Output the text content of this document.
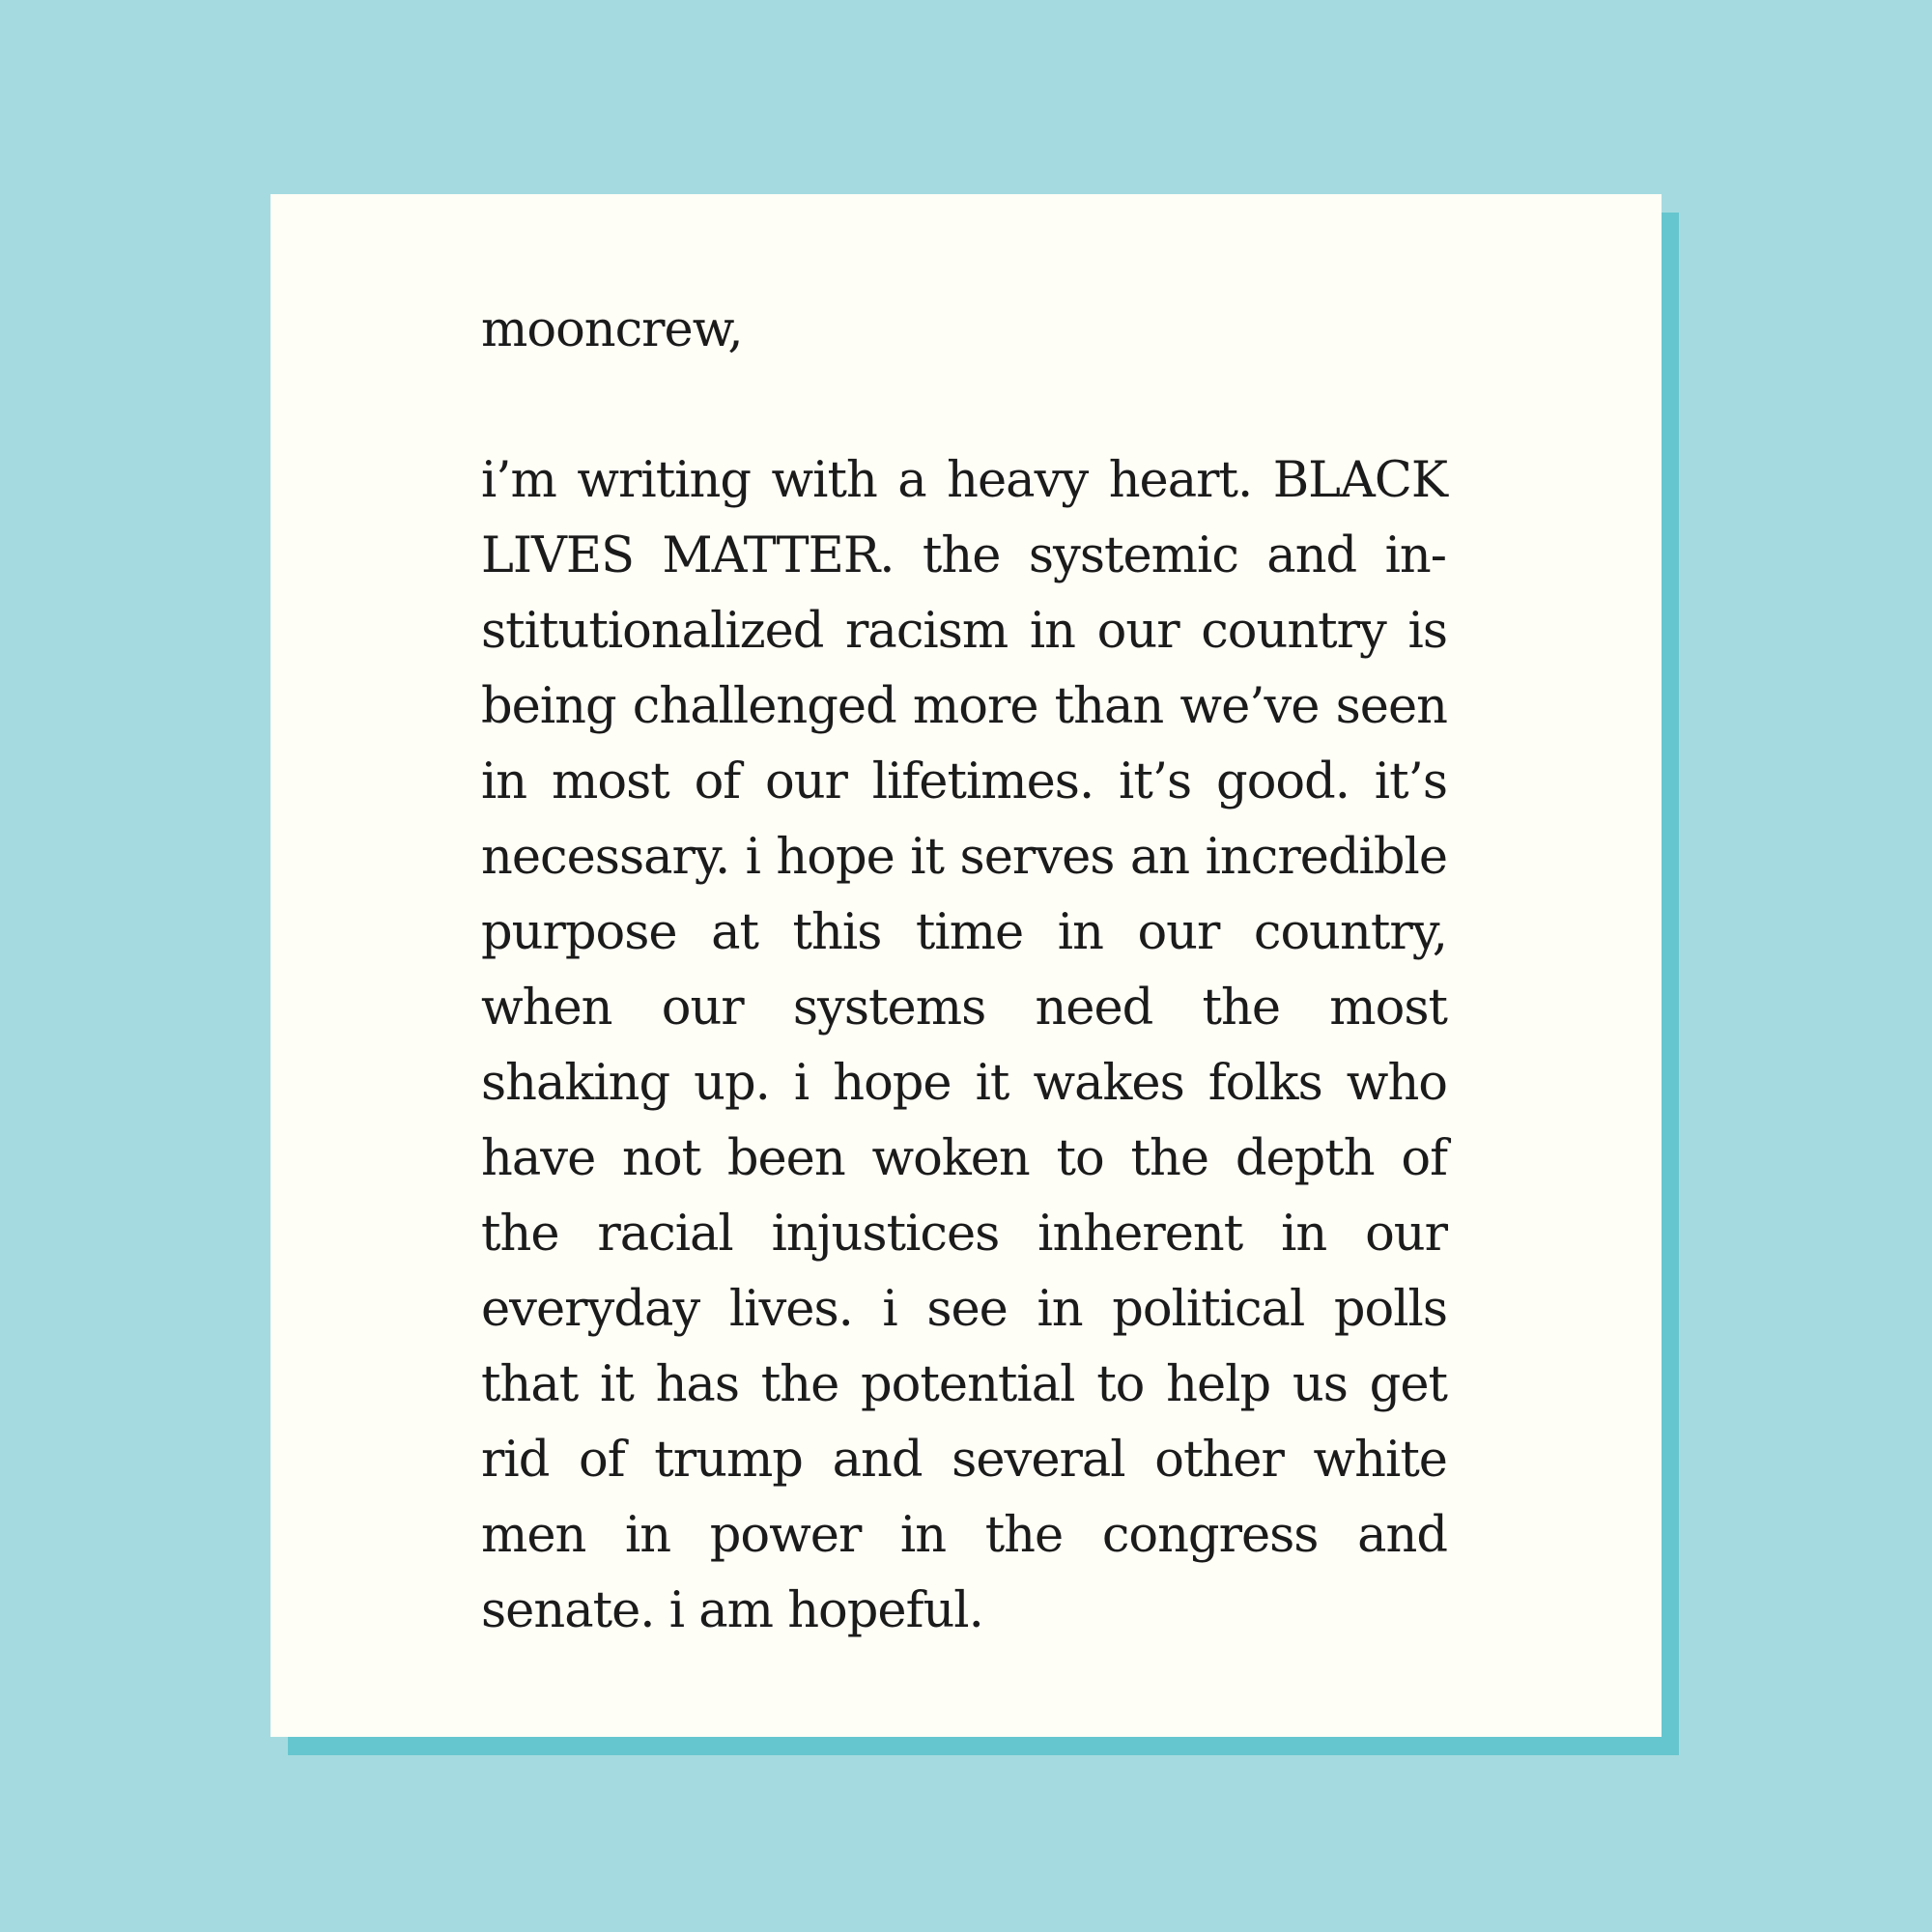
mooncrew,

i’m writing with a heavy heart. BLACK LIVES MATTER. the systemic and institutionalized racism in our country is being challenged more than we’ve seen in most of our lifetimes. it’s good. it’s necessary. i hope it serves an incredible purpose at this time in our country, when our systems need the most shaking up. i hope it wakes folks who have not been woken to the depth of the racial injustices inherent in our everyday lives. i see in political polls that it has the potential to help us get rid of trump and several other white men in power in the congress and senate. i am hopeful.
